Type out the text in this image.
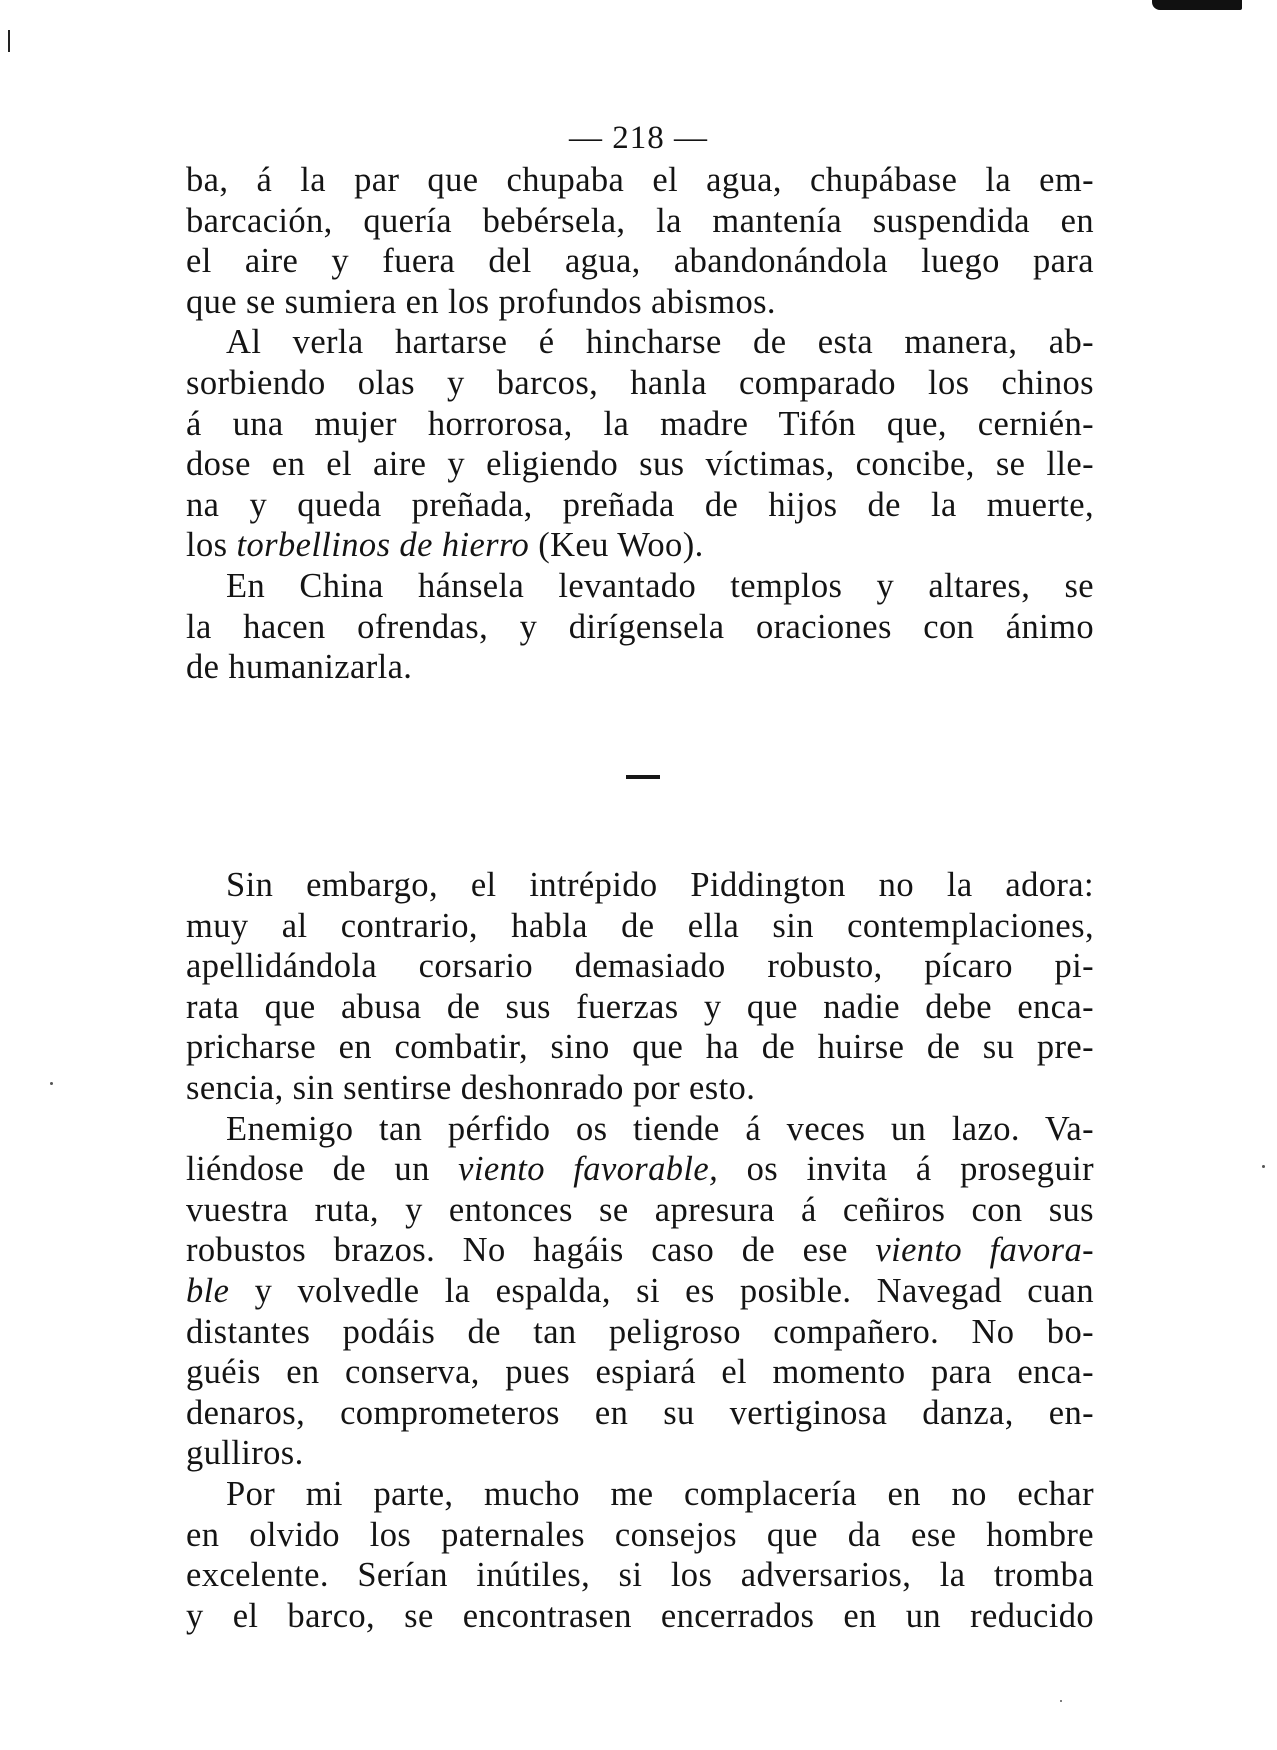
— 218 —
ba, á la par que chupaba el agua, chupábase la em-
barcación, quería bebérsela, la mantenía suspendida en
el aire y fuera del agua, abandonándola luego para
que se sumiera en los profundos abismos.
Al verla hartarse é hincharse de esta manera, ab-
sorbiendo olas y barcos, hanla comparado los chinos
á una mujer horrorosa, la madre Tifón que, cernién-
dose en el aire y eligiendo sus víctimas, concibe, se lle-
na y queda preñada, preñada de hijos de la muerte,
los torbellinos de hierro (Keu Woo).
En China hánsela levantado templos y altares, se
la hacen ofrendas, y dirígensela oraciones con ánimo
de humanizarla.
Sin embargo, el intrépido Piddington no la adora:
muy al contrario, habla de ella sin contemplaciones,
apellidándola corsario demasiado robusto, pícaro pi-
rata que abusa de sus fuerzas y que nadie debe enca-
pricharse en combatir, sino que ha de huirse de su pre-
sencia, sin sentirse deshonrado por esto.
Enemigo tan pérfido os tiende á veces un lazo. Va-
liéndose de un viento favorable, os invita á proseguir
vuestra ruta, y entonces se apresura á ceñiros con sus
robustos brazos. No hagáis caso de ese viento favora-
ble y volvedle la espalda, si es posible. Navegad cuan
distantes podáis de tan peligroso compañero. No bo-
guéis en conserva, pues espiará el momento para enca-
denaros, comprometeros en su vertiginosa danza, en-
gulliros.
Por mi parte, mucho me complacería en no echar
en olvido los paternales consejos que da ese hombre
excelente. Serían inútiles, si los adversarios, la tromba
y el barco, se encontrasen encerrados en un reducido
